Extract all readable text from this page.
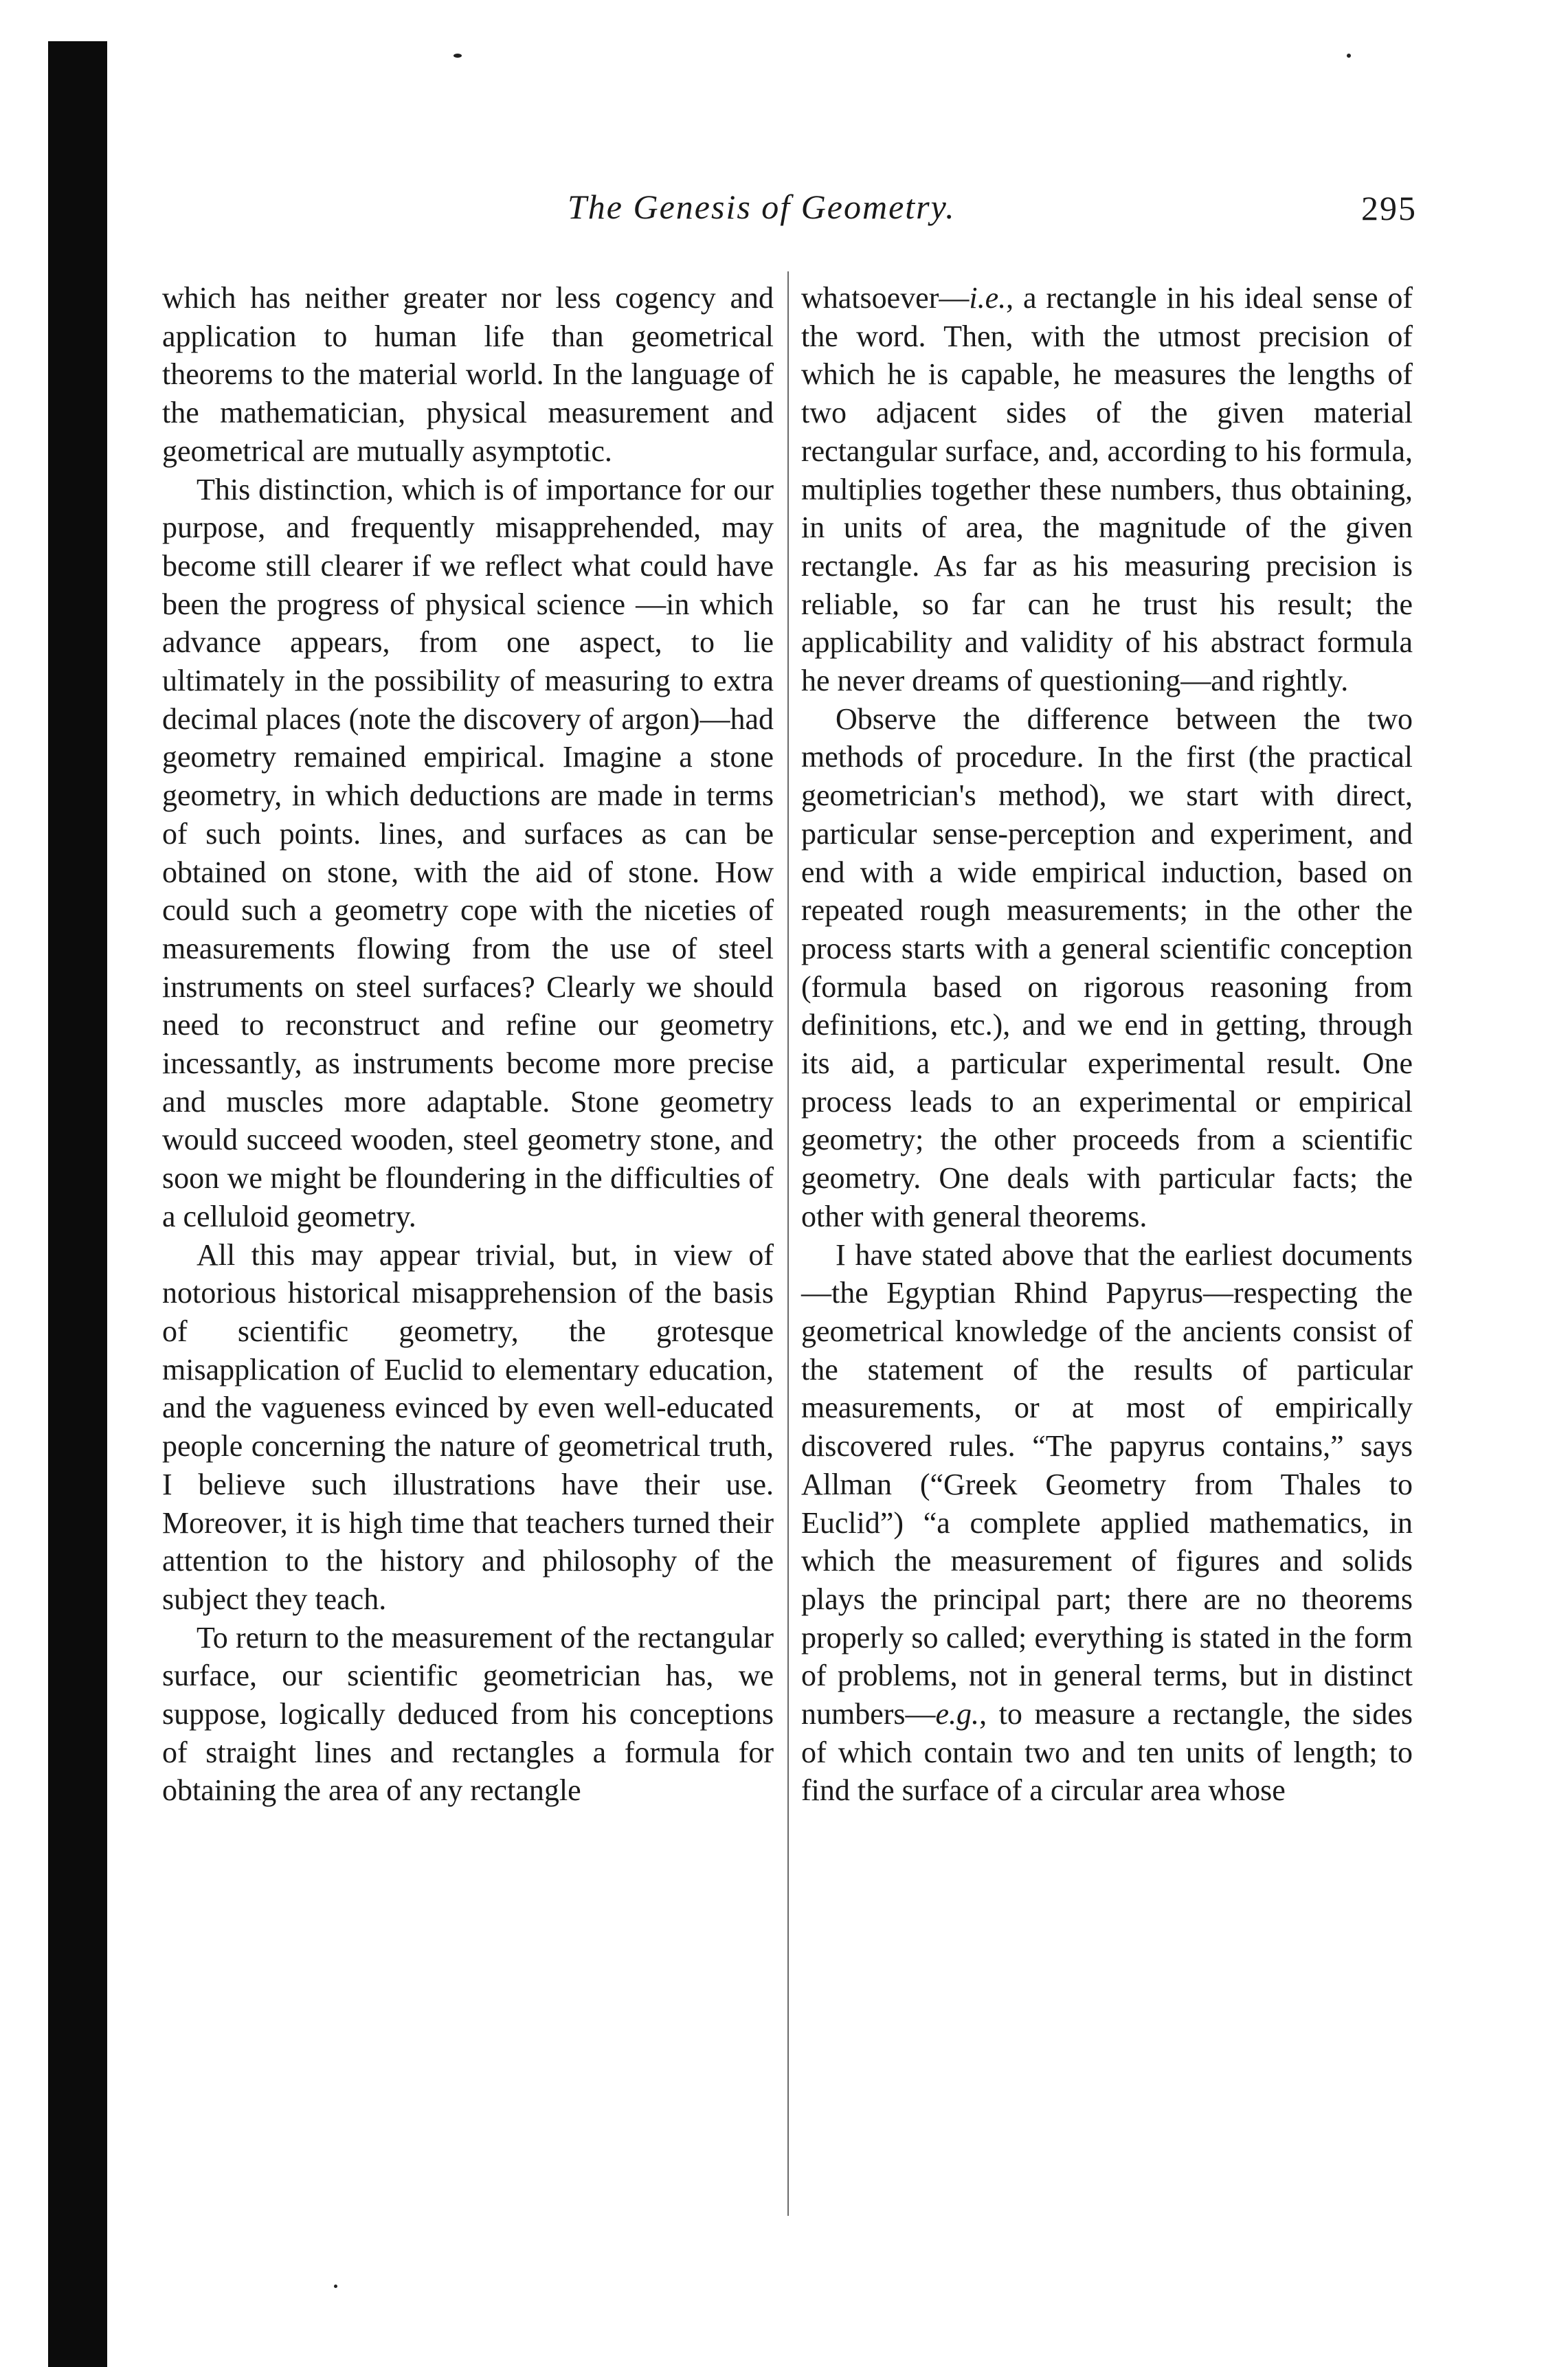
The Genesis of Geometry.	295

which has neither greater nor less cogency and application to human life than geometrical theorems to the material world. In the language of the mathematician, physical measurement and geometrical are mutually asymptotic.

This distinction, which is of importance for our purpose, and frequently misapprehended, may become still clearer if we reflect what could have been the progress of physical science —in which advance appears, from one aspect, to lie ultimately in the possibility of measuring to extra decimal places (note the discovery of argon)—had geometry remained empirical. Imagine a stone geometry, in which deductions are made in terms of such points. lines, and surfaces as can be obtained on stone, with the aid of stone. How could such a geometry cope with the niceties of measurements flowing from the use of steel instruments on steel surfaces? Clearly we should need to reconstruct and refine our geometry incessantly, as instruments become more precise and muscles more adaptable. Stone geometry would succeed wooden, steel geometry stone, and soon we might be floundering in the difficulties of a celluloid geometry.

All this may appear trivial, but, in view of notorious historical misapprehension of the basis of scientific geometry, the grotesque misapplication of Euclid to elementary education, and the vagueness evinced by even well-educated people concerning the nature of geometrical truth, I believe such illustrations have their use. Moreover, it is high time that teachers turned their attention to the history and philosophy of the subject they teach.

To return to the measurement of the rectangular surface, our scientific geometrician has, we suppose, logically deduced from his conceptions of straight lines and rectangles a formula for obtaining the area of any rectangle

whatsoever—i.e., a rectangle in his ideal sense of the word. Then, with the utmost precision of which he is capable, he measures the lengths of two adjacent sides of the given material rectangular surface, and, according to his formula, multiplies together these numbers, thus obtaining, in units of area, the magnitude of the given rectangle. As far as his measuring precision is reliable, so far can he trust his result; the applicability and validity of his abstract formula he never dreams of questioning—and rightly.

Observe the difference between the two methods of procedure. In the first (the practical geometrician's method), we start with direct, particular sense-perception and experiment, and end with a wide empirical induction, based on repeated rough measurements; in the other the process starts with a general scientific conception (formula based on rigorous reasoning from definitions, etc.), and we end in getting, through its aid, a particular experimental result. One process leads to an experimental or empirical geometry; the other proceeds from a scientific geometry. One deals with particular facts; the other with general theorems.

I have stated above that the earliest documents—the Egyptian Rhind Papyrus—respecting the geometrical knowledge of the ancients consist of the statement of the results of particular measurements, or at most of empirically discovered rules. “The papyrus contains,” says Allman (“Greek Geometry from Thales to Euclid”) “a complete applied mathematics, in which the measurement of figures and solids plays the principal part; there are no theorems properly so called; everything is stated in the form of problems, not in general terms, but in distinct numbers—e.g., to measure a rectangle, the sides of which contain two and ten units of length; to find the surface of a circular area whose
